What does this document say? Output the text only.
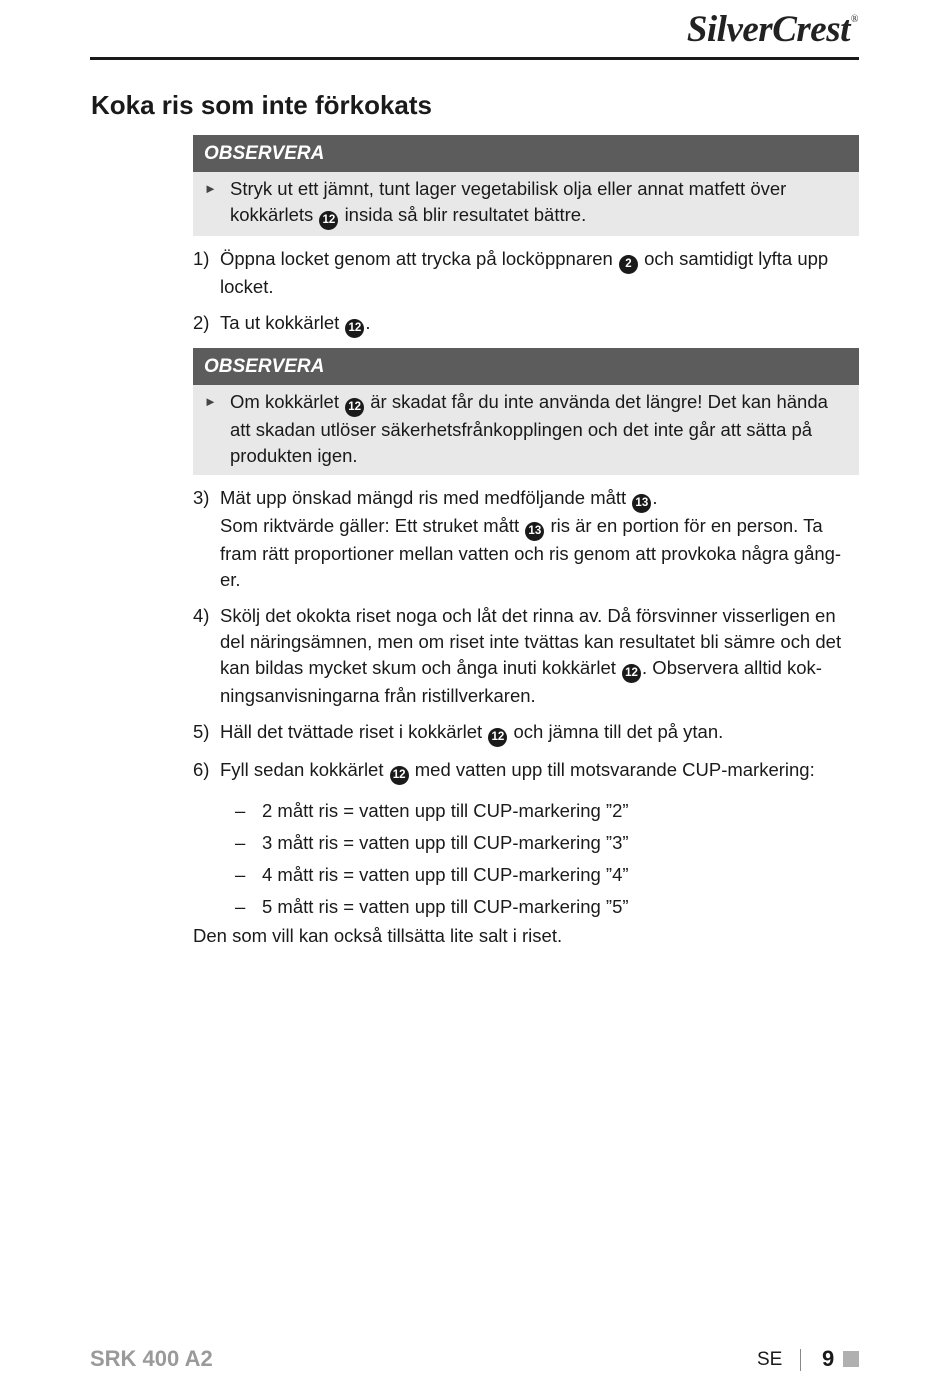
SilverCrest®
Koka ris som inte förkokats
OBSERVERA
► Stryk ut ett jämnt, tunt lager vegetabilisk olja eller annat matfett över
kokkärlets 12 insida så blir resultatet bättre.
1) Öppna locket genom att trycka på locköppnaren 2 och samtidigt lyfta upp
locket.
2) Ta ut kokkärlet 12 .
OBSERVERA
► Om kokkärlet 12 är skadat får du inte använda det längre! Det kan hända
att skadan utlöser säkerhetsfrånkopplingen och det inte går att sätta på
produkten igen.
3) Mät upp önskad mängd ris med medföljande mått 13 .
Som riktvärde gäller: Ett struket mått 13 ris är en portion för en person. Ta
fram rätt proportioner mellan vatten och ris genom att provkoka några gång-
er.
4) Skölj det okokta riset noga och låt det rinna av. Då försvinner visserligen en
del näringsämnen, men om riset inte tvättas kan resultatet bli sämre och det
kan bildas mycket skum och ånga inuti kokkärlet 12 . Observera alltid kok-
ningsanvisningarna från ristillverkaren.
5) Häll det tvättade riset i kokkärlet 12 och jämna till det på ytan.
6) Fyll sedan kokkärlet 12 med vatten upp till motsvarande CUP-markering:
– 2 mått ris = vatten upp till CUP-markering ”2”
– 3 mått ris = vatten upp till CUP-markering ”3”
– 4 mått ris = vatten upp till CUP-markering ”4”
– 5 mått ris = vatten upp till CUP-markering ”5”
Den som vill kan också tillsätta lite salt i riset.
SRK 400 A2	SE 9
